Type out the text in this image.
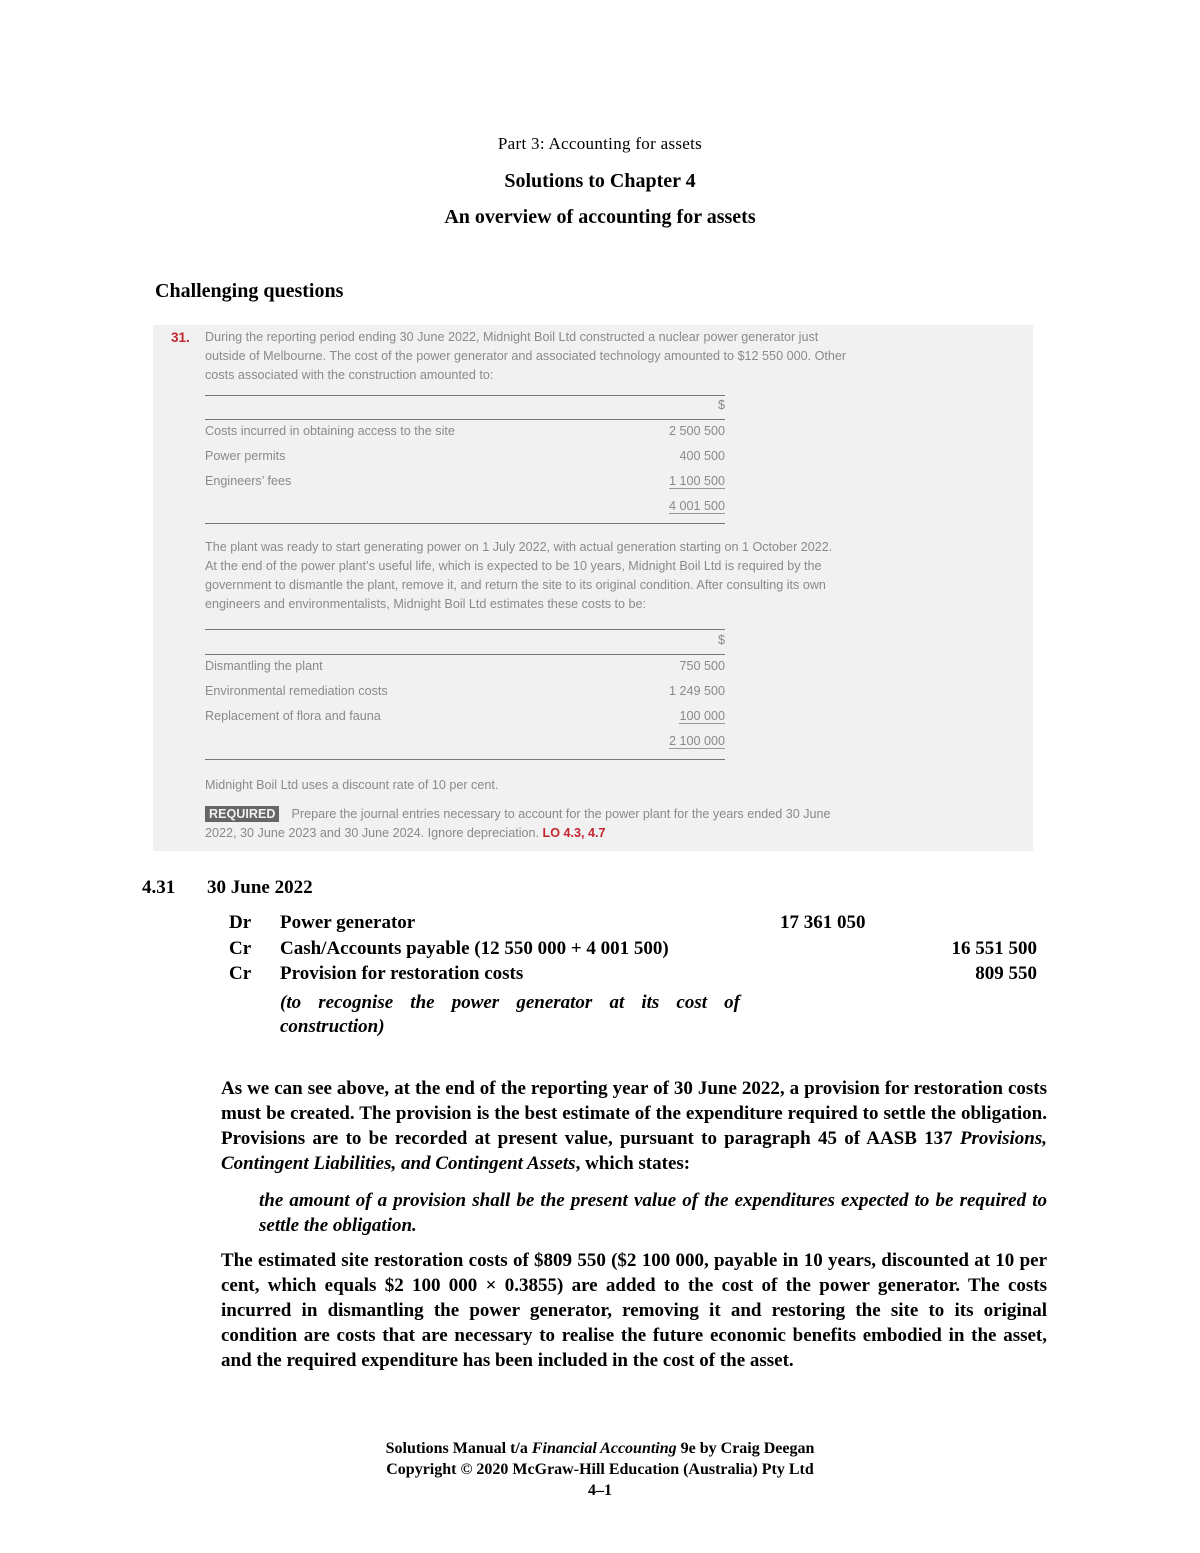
Part 3: Accounting for assets
Solutions to Chapter 4
An overview of accounting for assets
Challenging questions
31. During the reporting period ending 30 June 2022, Midnight Boil Ltd constructed a nuclear power generator just
outside of Melbourne. The cost of the power generator and associated technology amounted to $12 550 000. Other
costs associated with the construction amounted to:
$
Costs incurred in obtaining access to the site	2 500 500
Power permits	400 500
Engineers’ fees	1 100 500
4 001 500
The plant was ready to start generating power on 1 July 2022, with actual generation starting on 1 October 2022.
At the end of the power plant’s useful life, which is expected to be 10 years, Midnight Boil Ltd is required by the
government to dismantle the plant, remove it, and return the site to its original condition. After consulting its own
engineers and environmentalists, Midnight Boil Ltd estimates these costs to be:
$
Dismantling the plant	750 500
Environmental remediation costs	1 249 500
Replacement of flora and fauna	100 000
2 100 000
Midnight Boil Ltd uses a discount rate of 10 per cent.
REQUIRED Prepare the journal entries necessary to account for the power plant for the years ended 30 June
2022, 30 June 2023 and 30 June 2024. Ignore depreciation. LO 4.3, 4.7
4.31 30 June 2022
Dr Power generator	17 361 050
Cr Cash/Accounts payable (12 550 000 + 4 001 500)	16 551 500
Cr Provision for restoration costs	809 550
(to recognise the power generator at its cost of
construction)
As we can see above, at the end of the reporting year of 30 June 2022, a provision for restoration costs must be created. The provision is the best estimate of the expenditure required to settle the obligation. Provisions are to be recorded at present value, pursuant to paragraph 45 of AASB 137 Provisions, Contingent Liabilities, and Contingent Assets, which states:
the amount of a provision shall be the present value of the expenditures expected to be required to settle the obligation.
The estimated site restoration costs of $809 550 ($2 100 000, payable in 10 years, discounted at 10 per cent, which equals $2 100 000 × 0.3855) are added to the cost of the power generator. The costs incurred in dismantling the power generator, removing it and restoring the site to its original condition are costs that are necessary to realise the future economic benefits embodied in the asset, and the required expenditure has been included in the cost of the asset.
Solutions Manual t/a Financial Accounting 9e by Craig Deegan
Copyright © 2020 McGraw-Hill Education (Australia) Pty Ltd
4–1
